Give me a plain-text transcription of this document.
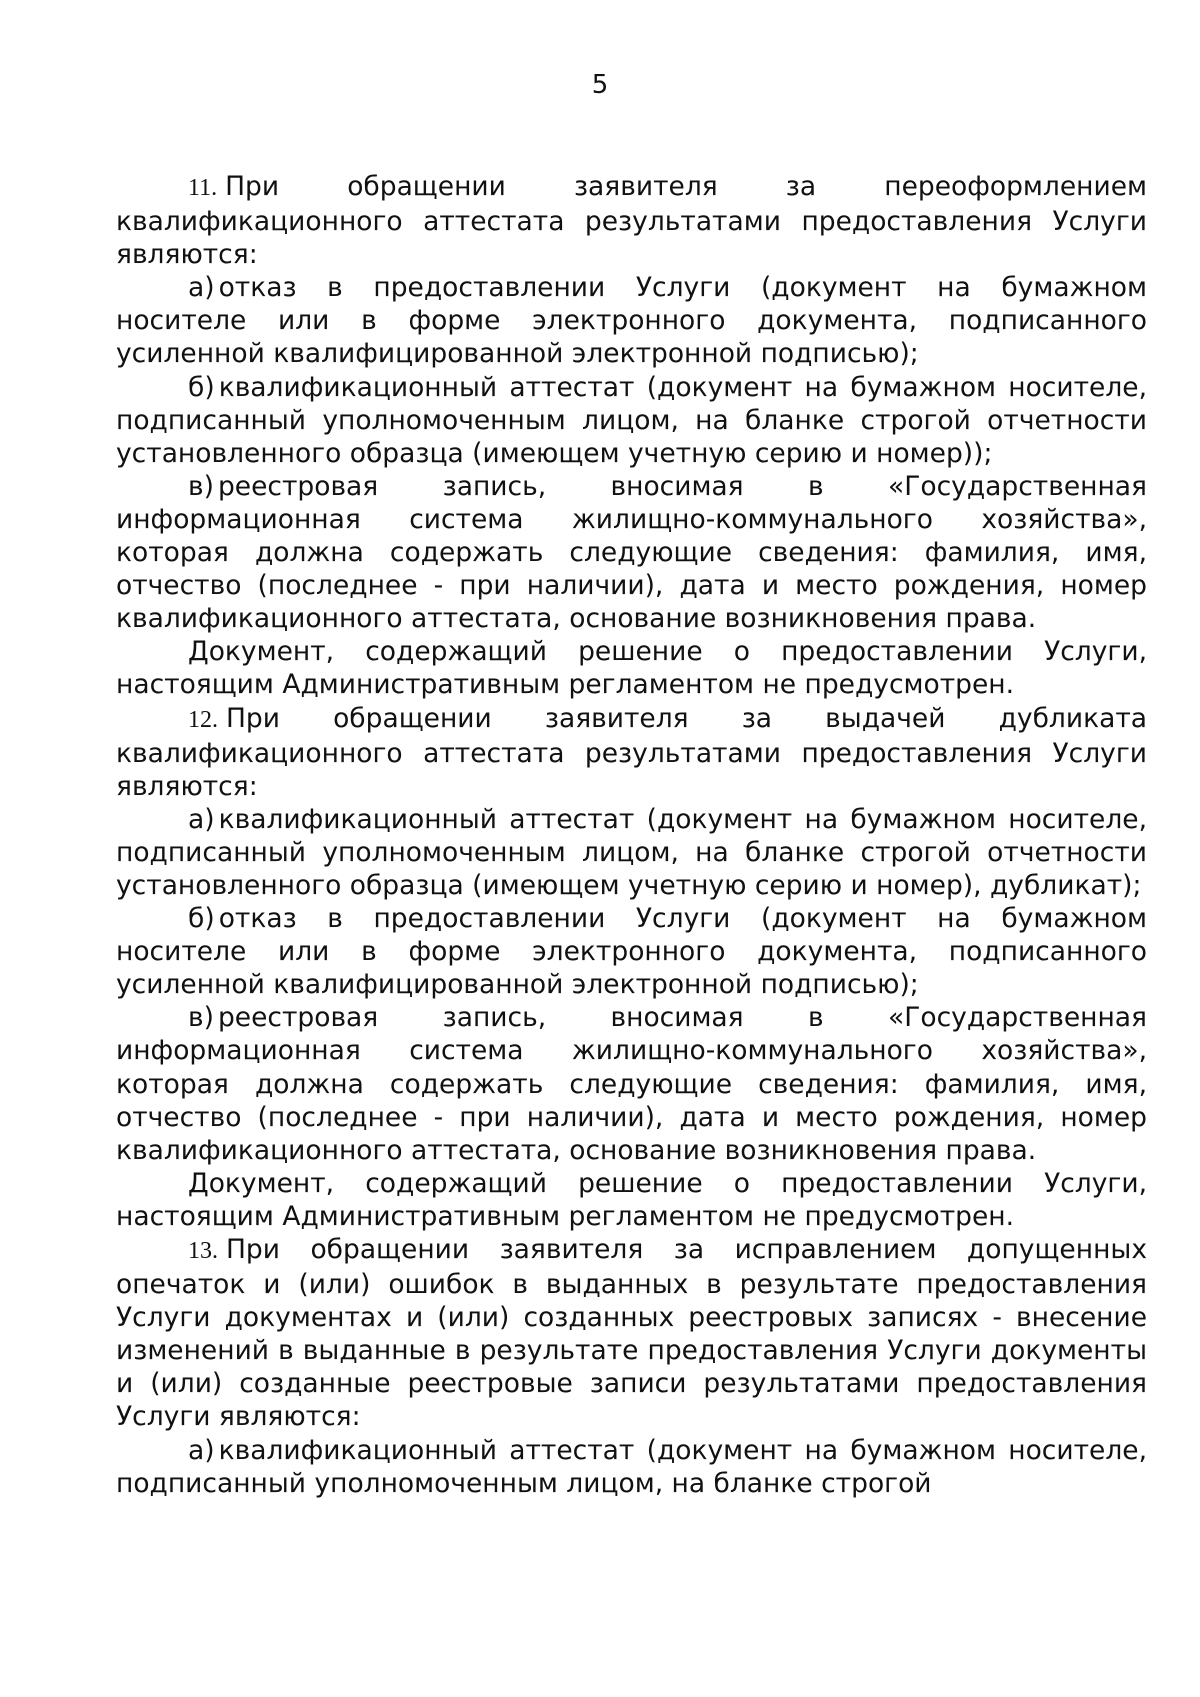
5

11. При обращении заявителя за переоформлением квалификационного аттестата результатами предоставления Услуги являются:

а) отказ в предоставлении Услуги (документ на бумажном носителе или в форме электронного документа, подписанного усиленной квалифицированной электронной подписью);

б) квалификационный аттестат (документ на бумажном носителе, подписанный уполномоченным лицом, на бланке строгой отчетности установленного образца (имеющем учетную серию и номер));

в) реестровая запись, вносимая в «Государственная информационная система жилищно-коммунального хозяйства», которая должна содержать следующие сведения: фамилия, имя, отчество (последнее - при наличии), дата и место рождения, номер квалификационного аттестата, основание возникновения права.

Документ, содержащий решение о предоставлении Услуги, настоящим Административным регламентом не предусмотрен.

12. При обращении заявителя за выдачей дубликата квалификационного аттестата результатами предоставления Услуги являются:

а) квалификационный аттестат (документ на бумажном носителе, подписанный уполномоченным лицом, на бланке строгой отчетности установленного образца (имеющем учетную серию и номер), дубликат);

б) отказ в предоставлении Услуги (документ на бумажном носителе или в форме электронного документа, подписанного усиленной квалифицированной электронной подписью);

в) реестровая запись, вносимая в «Государственная информационная система жилищно-коммунального хозяйства», которая должна содержать следующие сведения: фамилия, имя, отчество (последнее - при наличии), дата и место рождения, номер квалификационного аттестата, основание возникновения права.

Документ, содержащий решение о предоставлении Услуги, настоящим Административным регламентом не предусмотрен.

13. При обращении заявителя за исправлением допущенных опечаток и (или) ошибок в выданных в результате предоставления Услуги документах и (или) созданных реестровых записях - внесение изменений в выданные в результате предоставления Услуги документы и (или) созданные реестровые записи результатами предоставления Услуги являются:

а) квалификационный аттестат (документ на бумажном носителе, подписанный уполномоченным лицом, на бланке строгой
